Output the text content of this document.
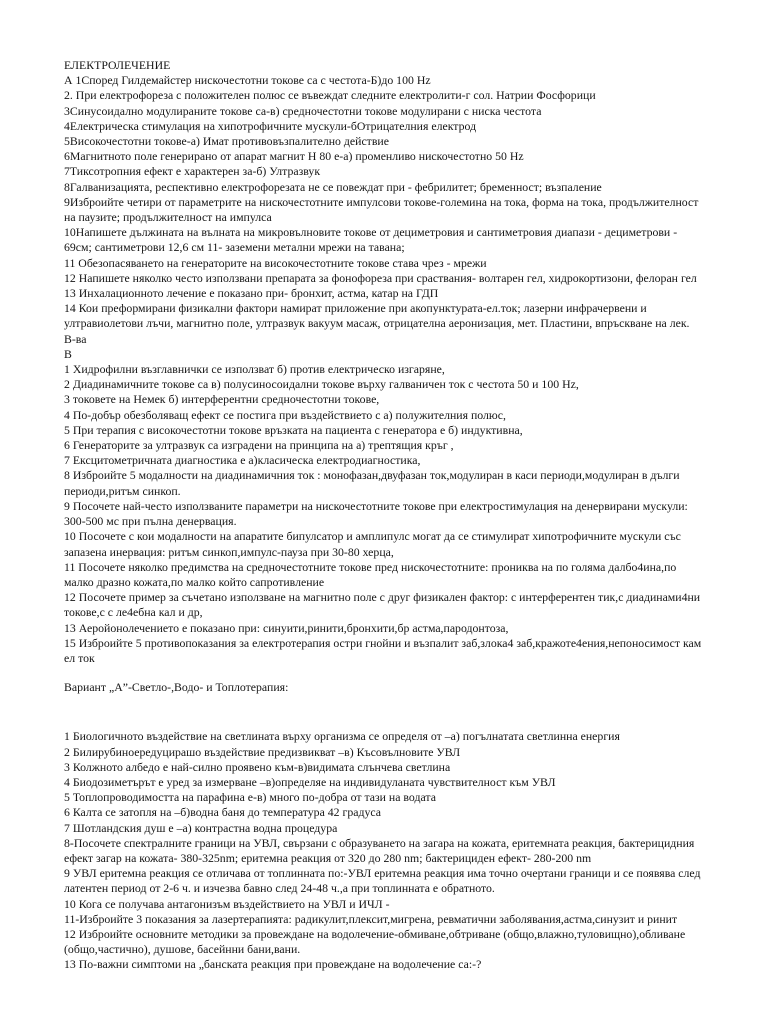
ЕЛЕКТРОЛЕЧЕНИЕ
А 1Според Гилдемайстер нискочестотни токове са с честота-Б)до 100 Hz
2. При електрофореза с положителен полюс се въвеждат следните електролити-г сол. Натрии Фосфорици
3Синусоидално модулираните токове са-в) средночестотни токове модулирани с ниска честота
4Електрическа стимулация на хипотрофичните мускули-бОтрицателния електрод
5Високочестотни токове-а) Имат противовъзпалително действие
6Магнитното поле генерирано от апарат магнит Н 80 е-а) променливо нискочестотно 50 Hz
7Тиксотропния ефект е характерен за-б) Ултразвук
8Галванизацията, респективно електрофорезата не се повеждат при - фебрилитет; бременност; възпаление
9Изброийте четири от параметрите на нискочестотните импулсови токове-големина на тока, форма на тока, продължителност на паузите; продължителност на импулса
10Напишете дължината на вълната на микровълновите токове от дециметровия и сантиметровия диапази - дециметрови - 69см; сантиметрови 12,6 см 11- заземени метални мрежи на тавана;
11 Обезопасяването на генераторите на високочестотните токове става чрез - мрежи
12 Напишете няколко често използвани препарата за фонофореза при сраствания- волтарен гел, хидрокортизони, фелоран гел
13 Инхалационното лечение е показано при- бронхит, астма, катар на ГДП
14 Кои преформирани физикални фактори намират приложение при акопунктурата-ел.ток; лазерни инфрачервени и ултравиолетови лъчи, магнитно поле, ултразвук вакуум масаж, отрицателна аеронизация, мет. Пластини, впръскване на лек. В-ва
В
1 Хидрофилни възглавнички се използват б) против електрическо изгаряне,
2 Диадинамичните токове са в) полусиносоидални токове върху галваничен ток с честота 50 и 100 Hz,
3 токовете на Немек б) интерферентни средночестотни токове,
4 По-добър обезболяващ ефект се постига при въздействието с а) полужителния полюс,
5 При терапия с високочестотни токове връзката на пациента с генератора е б) индуктивна,
6 Генераторите за ултразвук са изградени на принципа на а) трептящия кръг ,
7 Ексцитометричната диагностика е а)класическа електродиагностика,
8 Изброийте 5 модалности на диадинамичния ток : монофазан,двуфазан ток,модулиран в каси периоди,модулиран в дълги периоди,ритъм синкоп.
9 Посочете най-често използваните параметри на нискочестотните токове при електростимулация на денервирани мускули: 300-500 мс при пълна денервация.
10 Посочете с кои модалности на апаратите бипулсатор и амплипулс могат да се стимулират хипотрофичните мускули със запазена инервация: ритъм синкоп,импулс-пауза при 30-80 херца,
11 Посочете няколко предимства на средночестотните токове пред нискочестотните: прониква на по голяма далбо4ина,по малко дразно кожата,по малко който сапротивление
12 Посочете пример за съчетано използване на магнитно поле с друг физикален фактор: с интерферентен тик,с диадинами4ни токове,с с ле4ебна кал и др,
13 Аеройонолечението е показано при: синуити,ринити,бронхити,бр астма,пародонтоза,
15 Изброийте 5 противопоказания за електротерапия остри гнойни и възпалит заб,злока4 заб,кражоте4ения,непоносимост кам ел ток
Вариант „А”-Светло-,Водо- и Топлотерапия:
1 Биологичното въздействие на светлината върху организма се определя от –а) погълнатата светлинна енергия
2 Билирубиноередуцирашо въздействие предизвикват –в) Късовълновите УВЛ
3 Колжното албедо е най-силно проявено към-в)видимата слънчева светлина
4 Биодозиметърът е уред за измерване –в)определяе на индивидуланата чувствителност към УВЛ
5 Топлопроводимостта на парафина е-в) много по-добра от тази на водата
6 Калта се затопля на –б)водна баня до температура 42 градуса
7 Шотландския душ е –а) контрастна водна процедура
8-Посочете спектралните граници на УВЛ, свързани с образуването на загара на кожата, еритемната реакция, бактерицидния ефект загар на кожата- 380-325nm; еритемна реакция от 320 до 280 nm; бактерициден ефект- 280-200 nm
9 УВЛ еритемна реакция се отличава от топлинната по:-УВЛ еритемна реакция има точно очертани граници и се появява след латентен период от 2-6 ч. и изчезва бавно след 24-48 ч.,а при топлинната е обратното.
10 Кога се получава антагонизъм въздействието на УВЛ и ИЧЛ -
11-Изброийте 3 показания за лазертерапията: радикулит,плексит,мигрена, ревматични заболявания,астма,синузит и ринит
12 Изброийте основните методики за провеждане на водолечение-обмиване,обтриване (общо,влажно,туловищно),обливане (общо,частично), душове, басейнни бани,вани.
13 По-важни симптоми на „банската реакция при провеждане на водолечение са:-?
